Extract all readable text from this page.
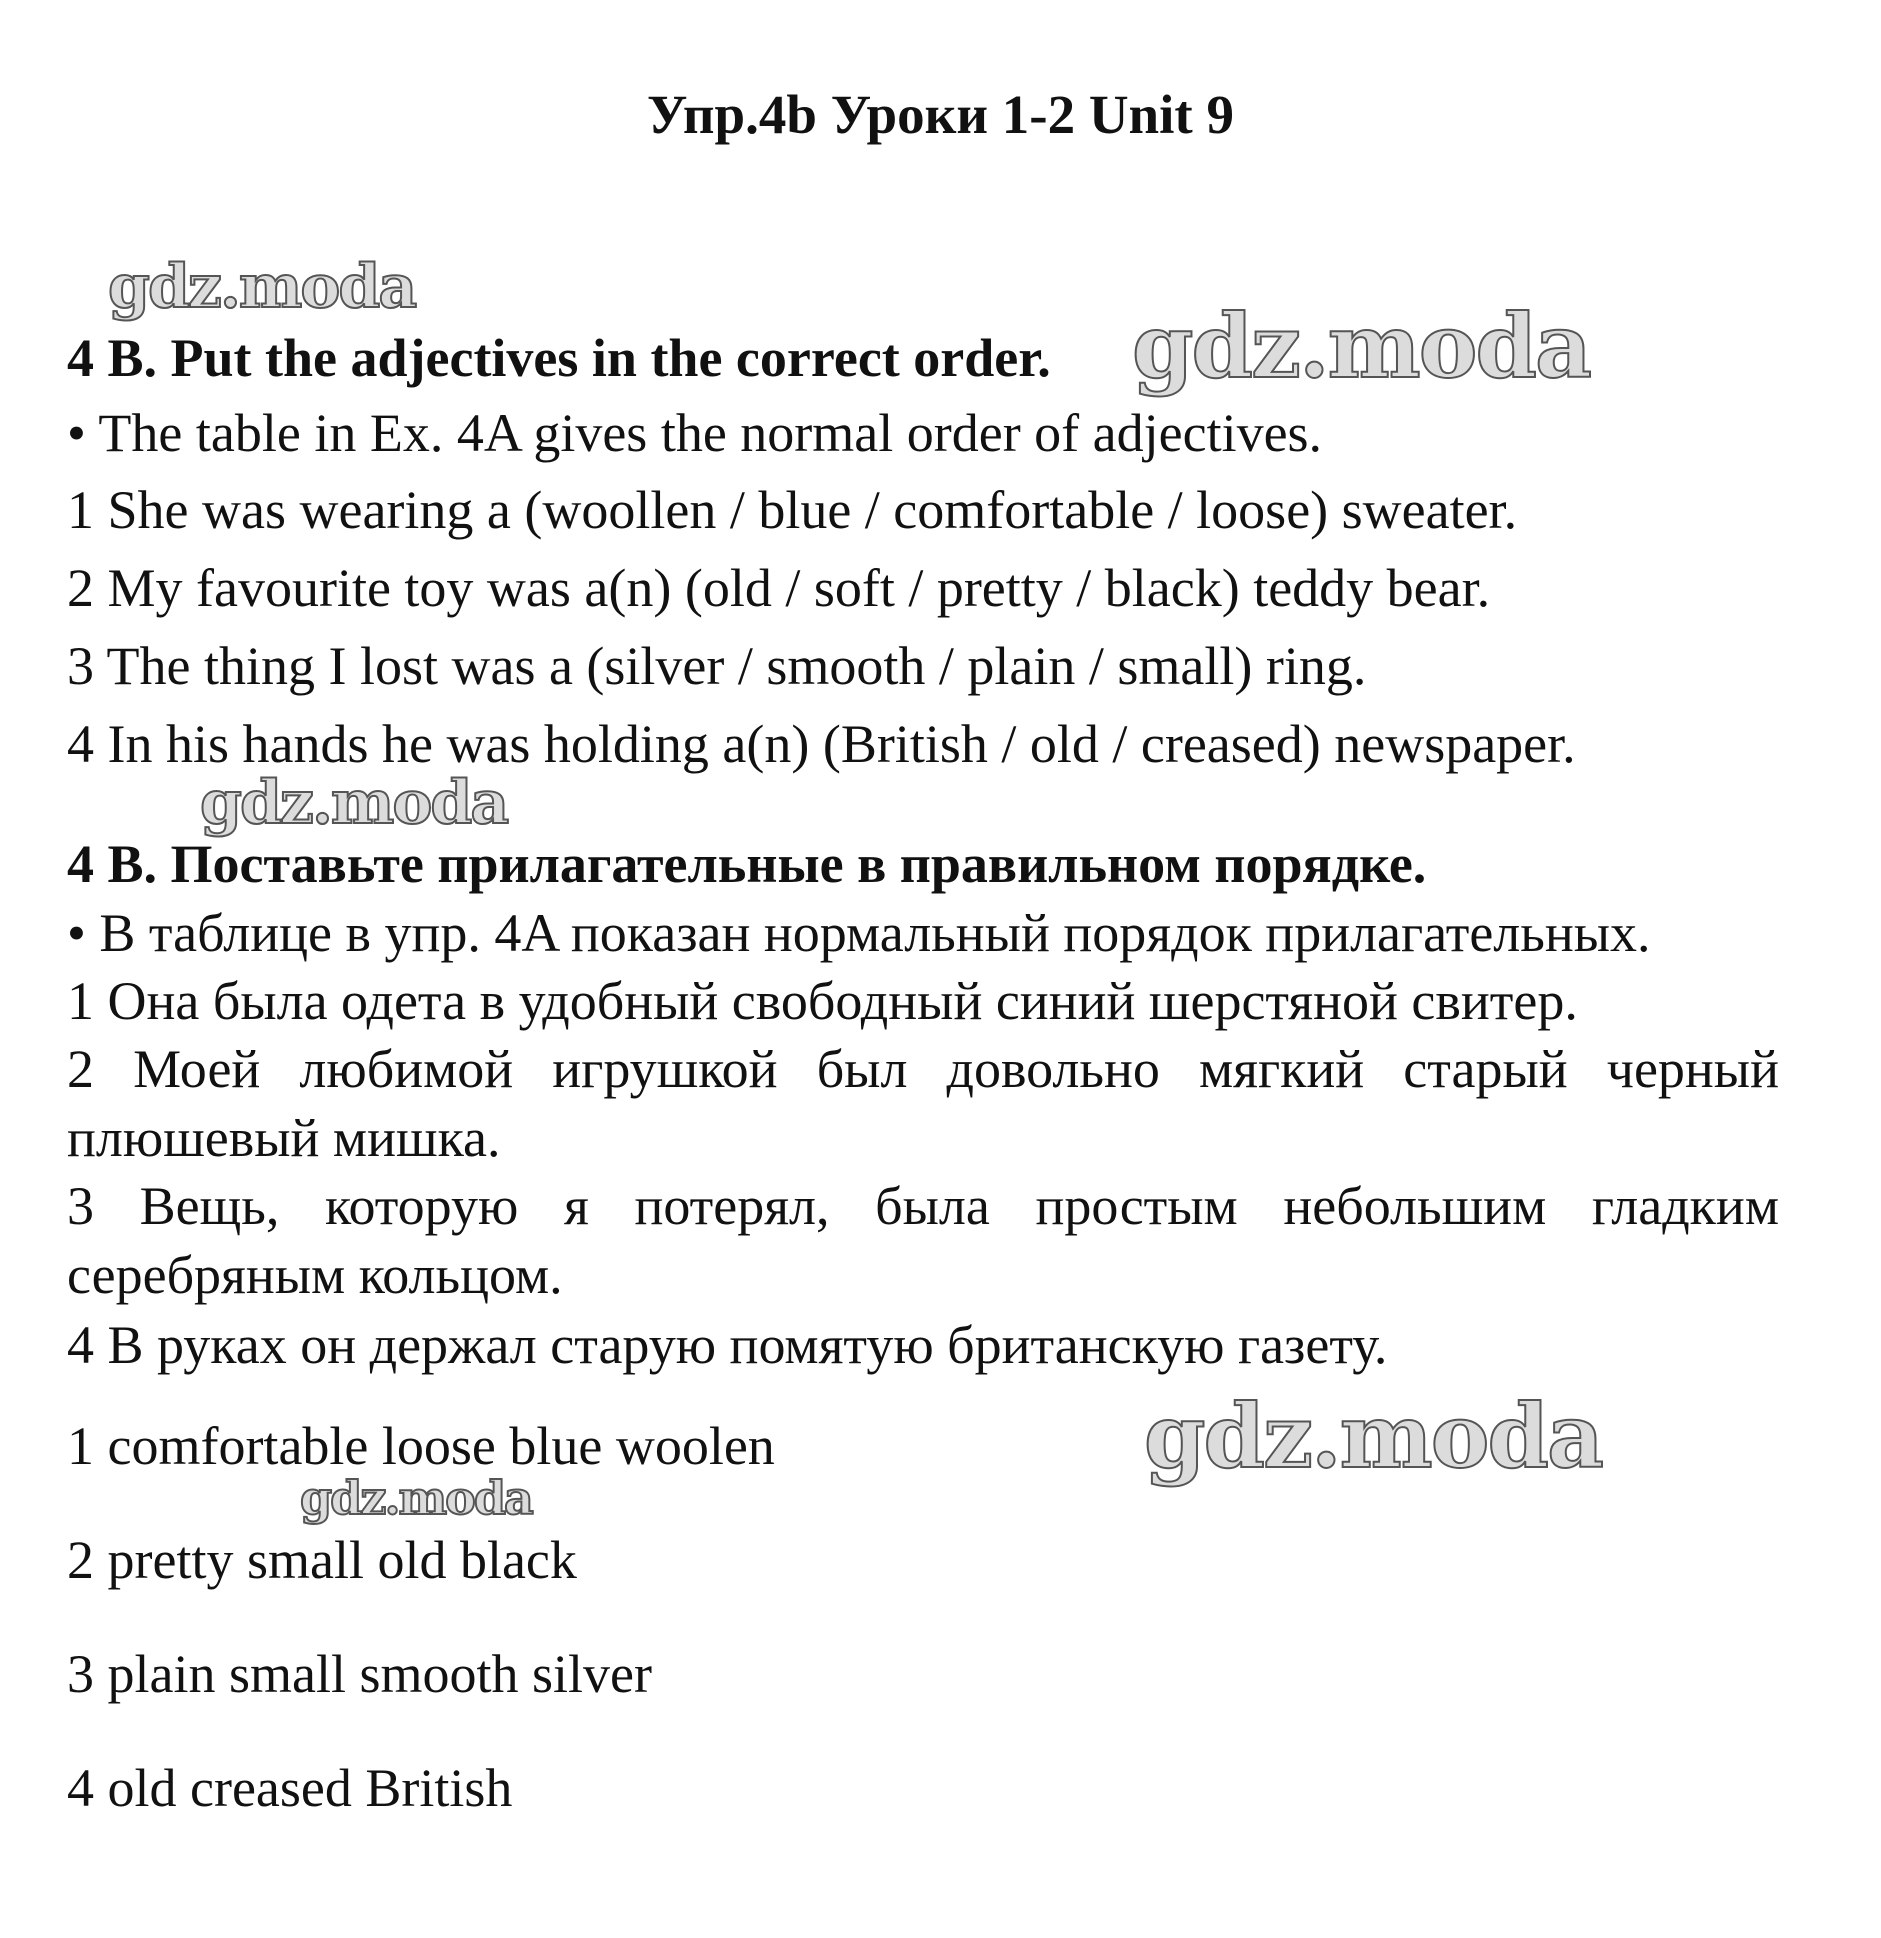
Упр.4b Уроки 1-2 Unit 9
gdz.moda
gdz.moda
gdz.moda
gdz.moda
gdz.moda

4 B. Put the adjectives in the correct order.

• The table in Ex. 4A gives the normal order of adjectives.

1 She was wearing a (woollen / blue / comfortable / loose) sweater.

2 My favourite toy was a(n) (old / soft / pretty / black) teddy bear.

3 The thing I lost was a (silver / smooth / plain / small) ring.

4 In his hands he was holding a(n) (British / old / creased) newspaper.

4 B. Поставьте прилагательные в правильном порядке.

• В таблице в упр. 4A показан нормальный порядок прилагательных.

1 Она была одета в удобный свободный синий шерстяной свитер.

2 Моей любимой игрушкой был довольно мягкий старый черный плюшевый мишка.

3 Вещь, которую я потерял, была простым небольшим гладким серебряным кольцом.

4 В руках он держал старую помятую британскую газету.

1 comfortable loose blue woolen

2 pretty small old black

3 plain small smooth silver

4 old creased British
